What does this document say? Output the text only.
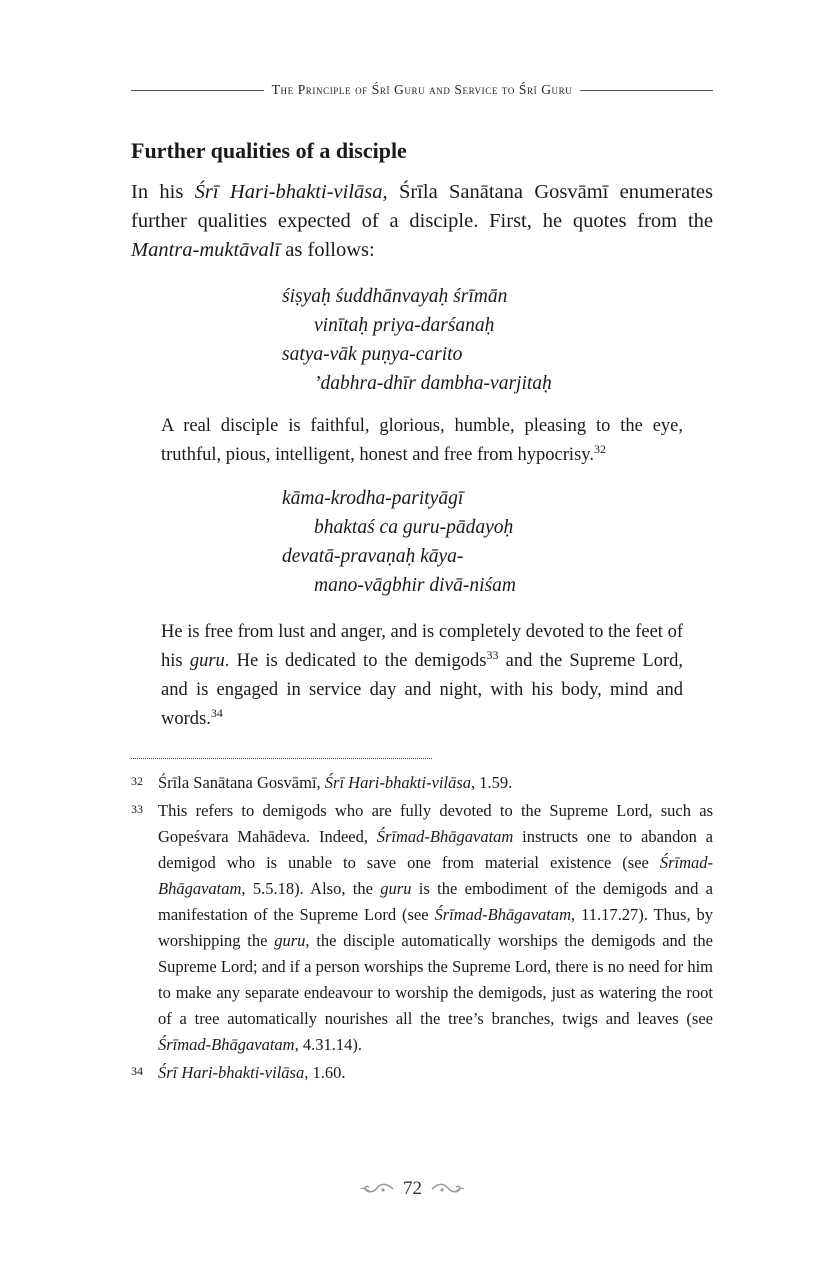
The Principle of Śrī Guru and Service to Śrī Guru
Further qualities of a disciple

In his Śrī Hari-bhakti-vilāsa, Śrīla Sanātana Gosvāmī enumerates further qualities expected of a disciple. First, he quotes from the Mantra-muktāvalī as follows:

śiṣyaḥ śuddhānvayaḥ śrīmān
vinītaḥ priya-darśanaḥ
satya-vāk puṇya-carito
’dabhra-dhīr dambha-varjitaḥ

A real disciple is faithful, glorious, humble, pleasing to the eye, truthful, pious, intelligent, honest and free from hypocrisy.$^{32}$

kāma-krodha-parityāgī
bhaktaś ca guru-pādayoḥ
devatā-pravaṇaḥ kāya-
mano-vāgbhir divā-niśam

He is free from lust and anger, and is completely devoted to the feet of his guru. He is dedicated to the demigods$^{33}$ and the Supreme Lord, and is engaged in service day and night, with his body, mind and words.$^{34}$

32 Śrīla Sanātana Gosvāmī, Śrī Hari-bhakti-vilāsa, 1.59.
33 This refers to demigods who are fully devoted to the Supreme Lord, such as Gopeśvara Mahādeva. Indeed, Śrīmad-Bhāgavatam instructs one to abandon a demigod who is unable to save one from material existence (see Śrīmad-Bhāgavatam, 5.5.18). Also, the guru is the embodiment of the demigods and a manifestation of the Supreme Lord (see Śrīmad-Bhāgavatam, 11.17.27). Thus, by worshipping the guru, the disciple automatically worships the demigods and the Supreme Lord; and if a person worships the Supreme Lord, there is no need for him to make any separate endeavour to worship the demigods, just as watering the root of a tree automatically nourishes all the tree’s branches, twigs and leaves (see Śrīmad-Bhāgavatam, 4.31.14).
34 Śrī Hari-bhakti-vilāsa, 1.60.
72
